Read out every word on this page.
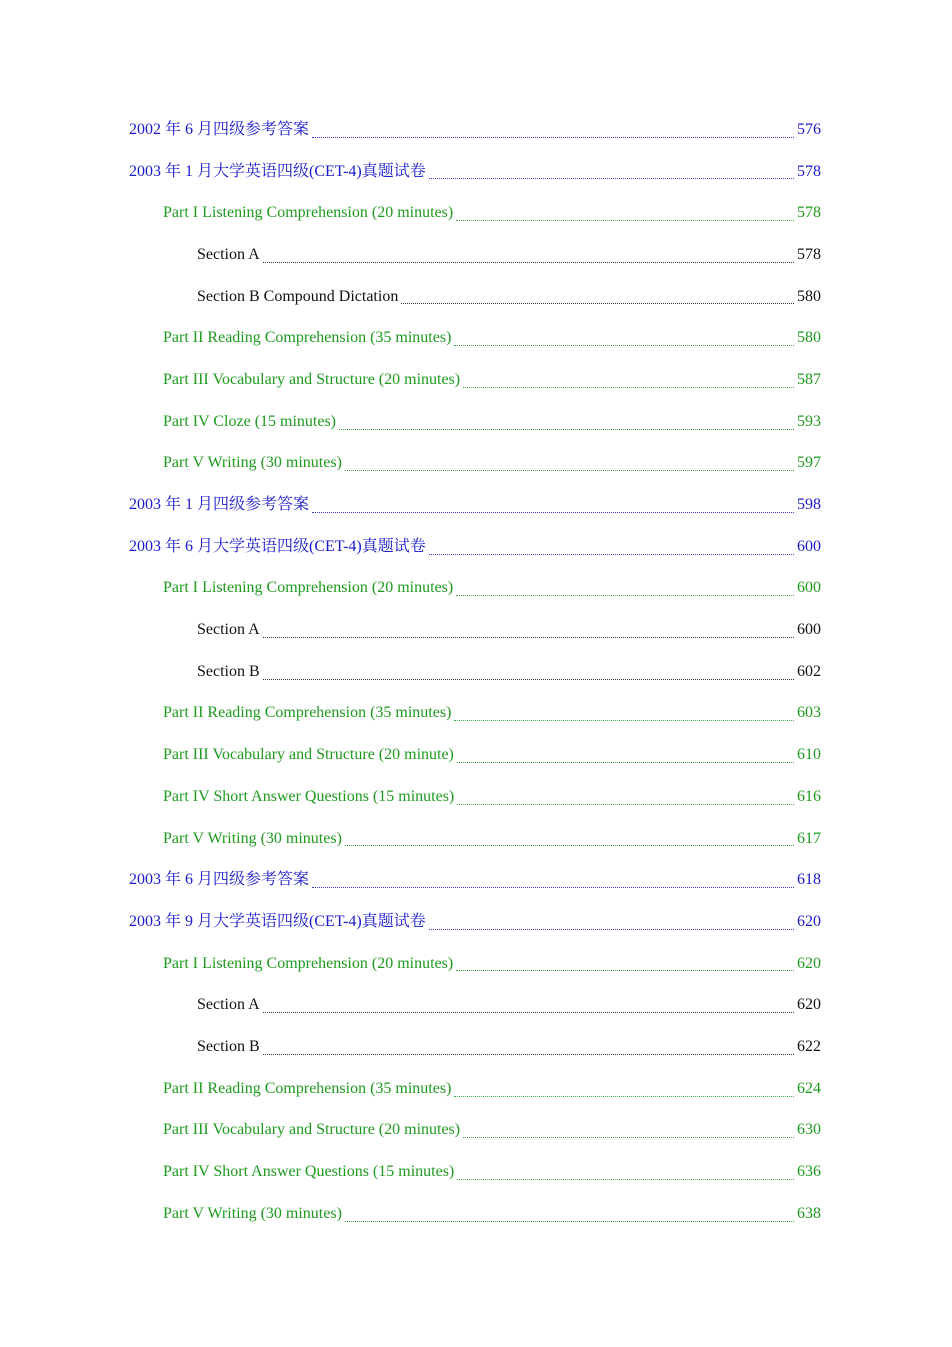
2002 年 6 月四级参考答案	576
2003 年 1 月大学英语四级(CET-4)真题试卷	578
Part I Listening Comprehension (20 minutes)	578
Section A	578
Section B Compound Dictation	580
Part II Reading Comprehension (35 minutes)	580
Part III Vocabulary and Structure (20 minutes)	587
Part IV Cloze (15 minutes)	593
Part V Writing (30 minutes)	597
2003 年 1 月四级参考答案	598
2003 年 6 月大学英语四级(CET-4)真题试卷	600
Part I Listening Comprehension (20 minutes)	600
Section A	600
Section B	602
Part II Reading Comprehension (35 minutes)	603
Part III Vocabulary and Structure (20 minute)	610
Part IV Short Answer Questions (15 minutes)	616
Part V Writing (30 minutes)	617
2003 年 6 月四级参考答案	618
2003 年 9 月大学英语四级(CET-4)真题试卷	620
Part I Listening Comprehension (20 minutes)	620
Section A	620
Section B	622
Part II Reading Comprehension (35 minutes)	624
Part III Vocabulary and Structure (20 minutes)	630
Part IV Short Answer Questions (15 minutes)	636
Part V Writing (30 minutes)	638
